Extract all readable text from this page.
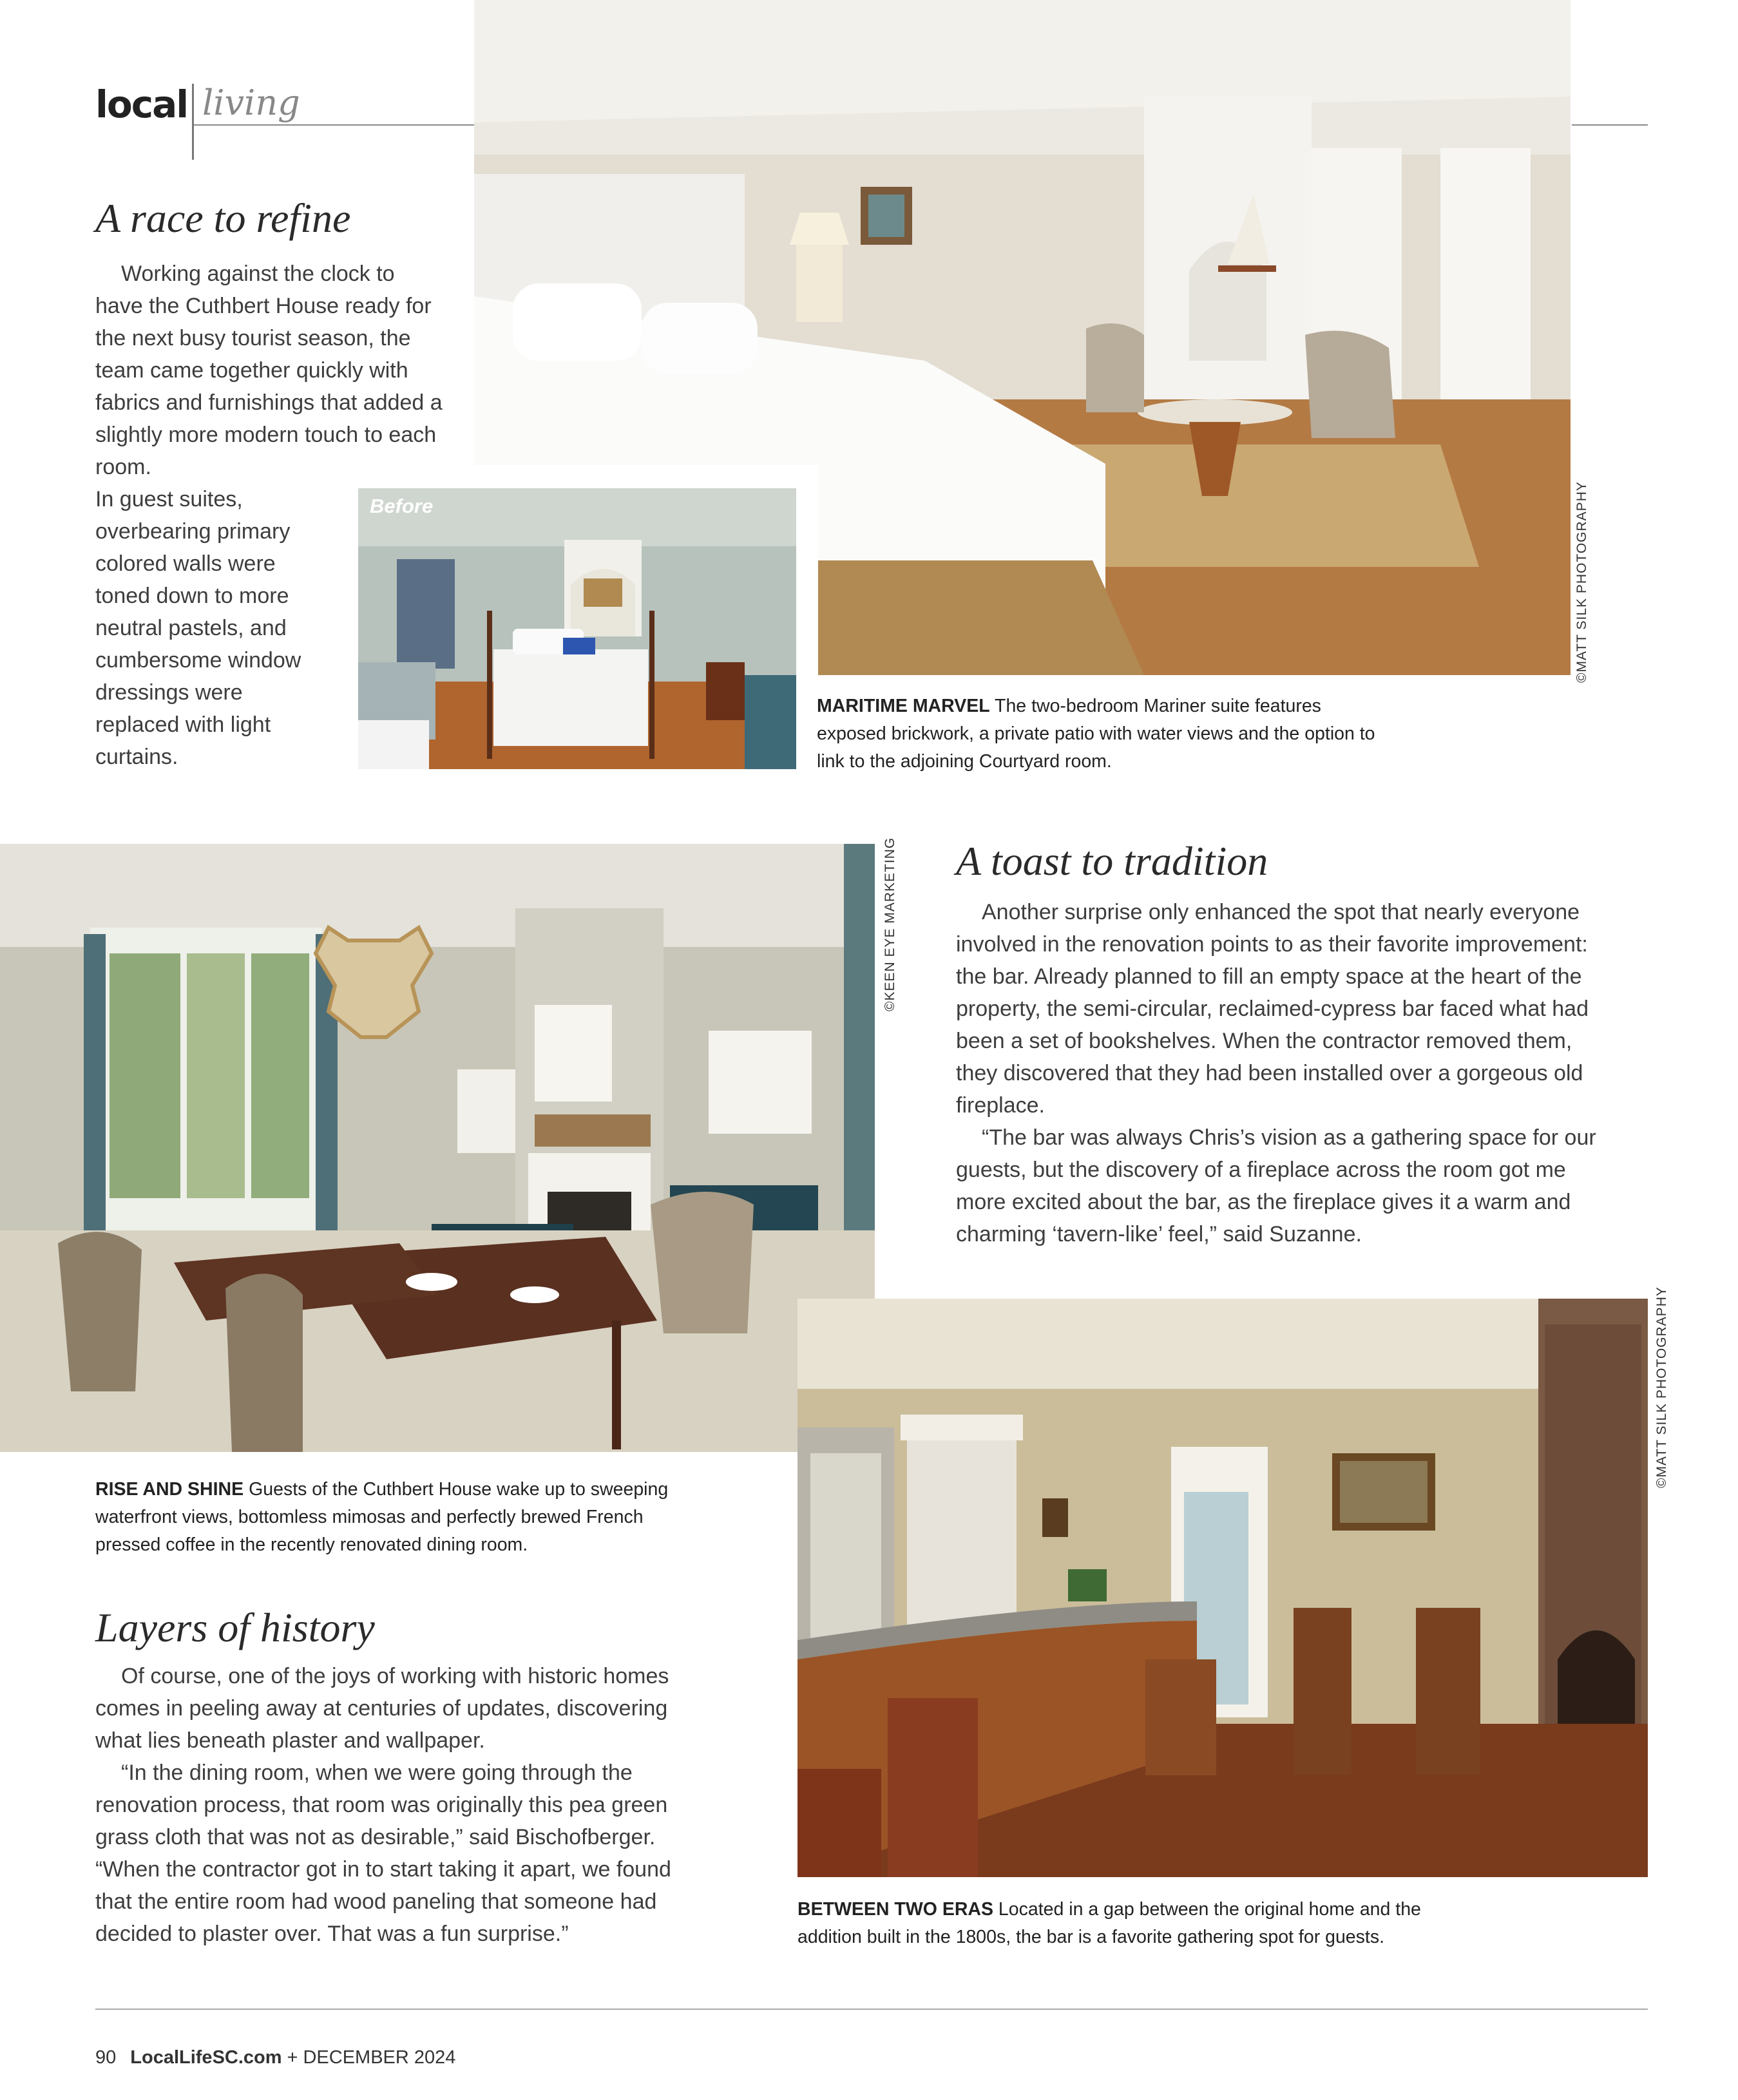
local living
A race to refine

Working against the clock to have the Cuthbert House ready for the next busy tourist season, the team came together quickly with fabrics and furnishings that added a slightly more modern touch to each room.

In guest suites,
overbearing primary
colored walls were
toned down to more
neutral pastels, and
cumbersome window
dressings were
replaced with light
curtains.
Before
MARITIME MARVEL The two-bedroom Mariner suite features exposed brickwork, a private patio with water views and the option to link to the adjoining Courtyard room.
©MATT SILK PHOTOGRAPHY
©KEEN EYE MARKETING A toast to tradition

Another surprise only enhanced the spot that nearly everyone involved in the renovation points to as their favorite improvement: the bar. Already planned to fill an empty space at the heart of the property, the semi-circular, reclaimed-cypress bar faced what had been a set of bookshelves. When the contractor removed them, they discovered that they had been installed over a gorgeous old fireplace.

“The bar was always Chris’s vision as a gathering space for our guests, but the discovery of a fireplace across the room got me more excited about the bar, as the fireplace gives it a warm and charming ‘tavern-like’ feel,” said Suzanne.

RISE AND SHINE Guests of the Cuthbert House wake up to sweeping waterfront views, bottomless mimosas and perfectly brewed French pressed coffee in the recently renovated dining room.
©MATT SILK PHOTOGRAPHY
Layers of history

Of course, one of the joys of working with historic homes comes in peeling away at centuries of updates, discovering what lies beneath plaster and wallpaper.

“In the dining room, when we were going through the renovation process, that room was originally this pea green grass cloth that was not as desirable,” said Bischofberger. “When the contractor got in to start taking it apart, we found that the entire room had wood paneling that someone had decided to plaster over. That was a fun surprise.”

BETWEEN TWO ERAS Located in a gap between the original home and the addition built in the 1800s, the bar is a favorite gathering spot for guests.
90 LocalLifeSC.com + DECEMBER 2024
